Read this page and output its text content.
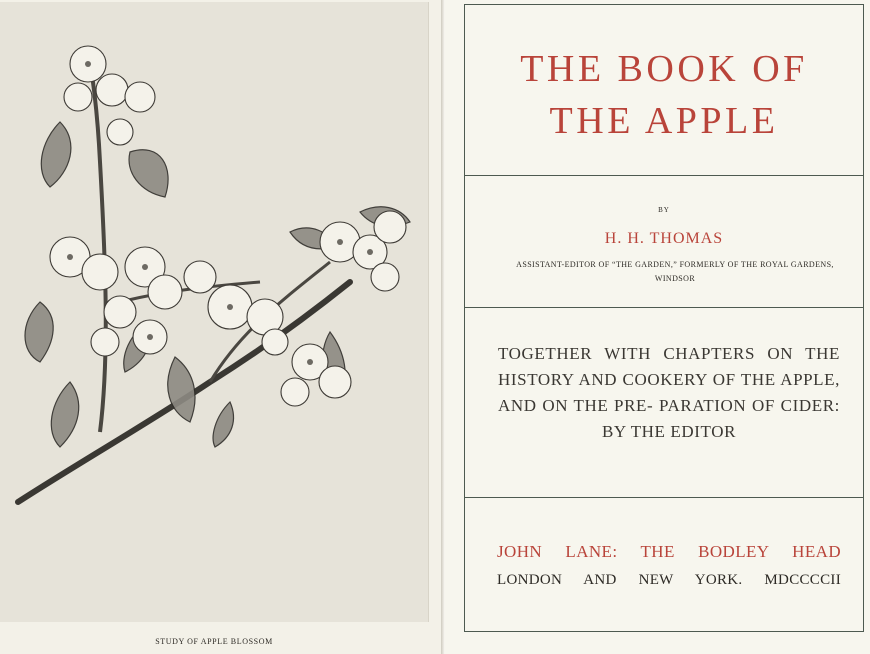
STUDY OF APPLE BLOSSOM
THE BOOK OF
THE APPLE
BY
H. H. THOMAS
ASSISTANT-EDITOR OF “THE GARDEN,” FORMERLY OF THE ROYAL GARDENS, WINDSOR
TOGETHER WITH CHAPTERS ON THE HISTORY AND COOKERY OF THE APPLE, AND ON THE PRE- PARATION OF CIDER: BY THE EDITOR
JOHN LANE: THE BODLEY HEAD
LONDON AND NEW YORK. MDCCCCII
